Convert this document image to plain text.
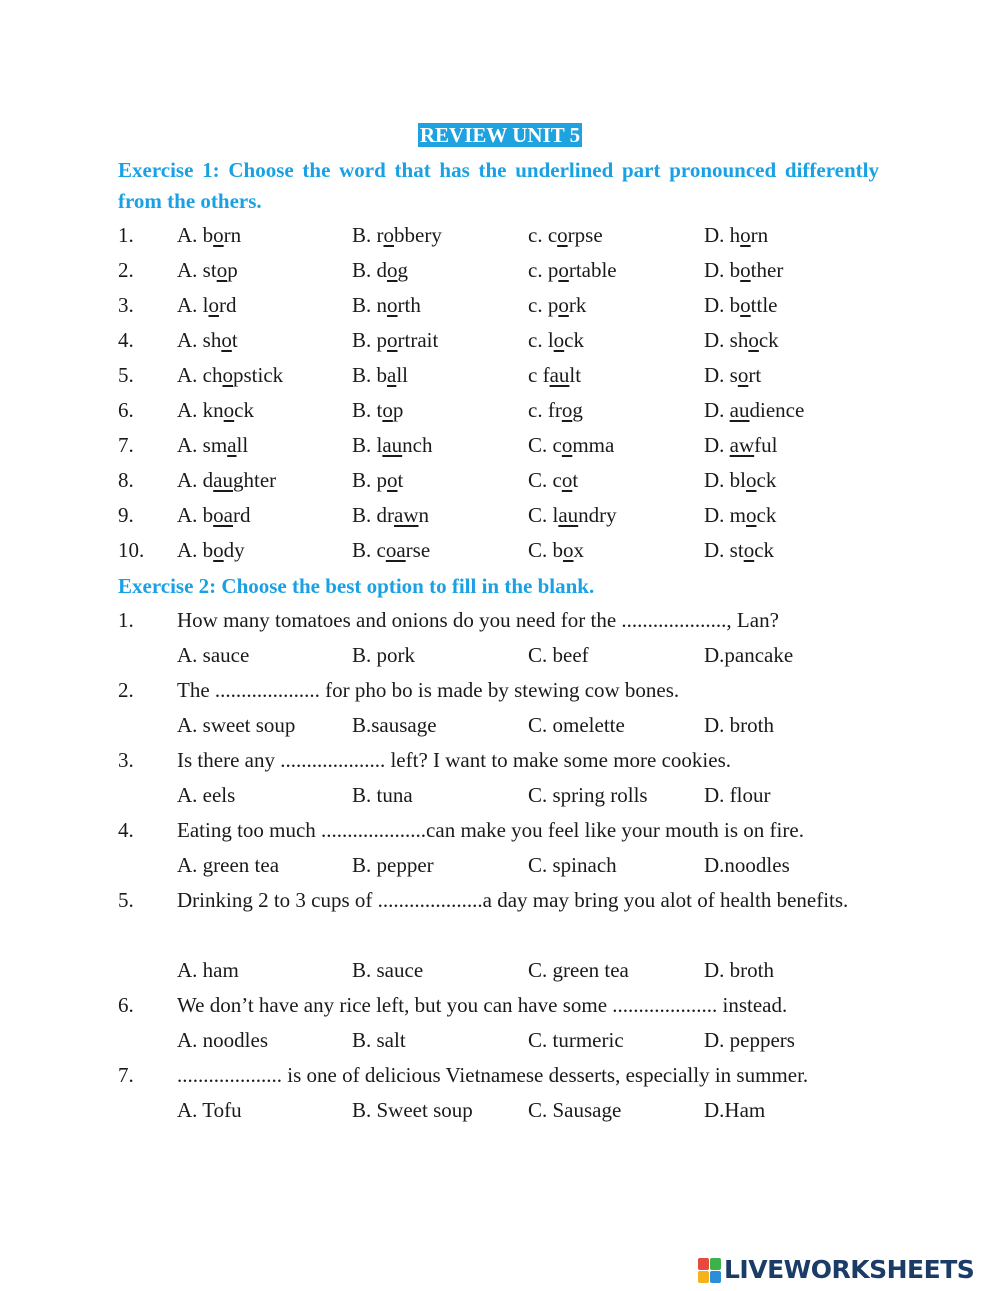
REVIEW UNIT 5
Exercise 1: Choose the word that has the underlined part pronounced differently from the others.
1. A. born	B. robbery	c. corpse	D. horn
2. A. stop	B. dog	c. portable	D. bother
3. A. lord	B. north	c. pork	D. bottle
4. A. shot	B. portrait	c. lock	D. shock
5. A. chopstick	B. ball	c fault	D. sort
6. A. knock	B. top	c. frog	D. audience
7. A. small	B. launch	C. comma	D. awful
8. A. daughter	B. pot	C. cot	D. block
9. A. board	B. drawn	C. laundry	D. mock
10. A. body	B. coarse	C. box	D. stock
Exercise 2: Choose the best option to fill in the blank.
1. How many tomatoes and onions do you need for the ...................., Lan?
A. sauce	B. pork	C. beef	D.pancake
2. The .................... for pho bo is made by stewing cow bones.
A. sweet soup	B.sausage	C. omelette	D. broth
3. Is there any .................... left? I want to make some more cookies.
A. eels	B. tuna	C. spring rolls	D. flour
4. Eating too much ....................can make you feel like your mouth is on fire.
A. green tea	B. pepper	C. spinach	D.noodles
5.	Drinking 2 to 3 cups of ....................a day may bring you alot of health benefits.
A. ham	B. sauce	C. green tea	D. broth
6. We don’t have any rice left, but you can have some .................... instead.
A. noodles	B. salt	C. turmeric	D. peppers
7. .................... is one of delicious Vietnamese desserts, especially in summer.
A. Tofu	B. Sweet soup	C. Sausage	D.Ham
LIVEWORKSHEETS
